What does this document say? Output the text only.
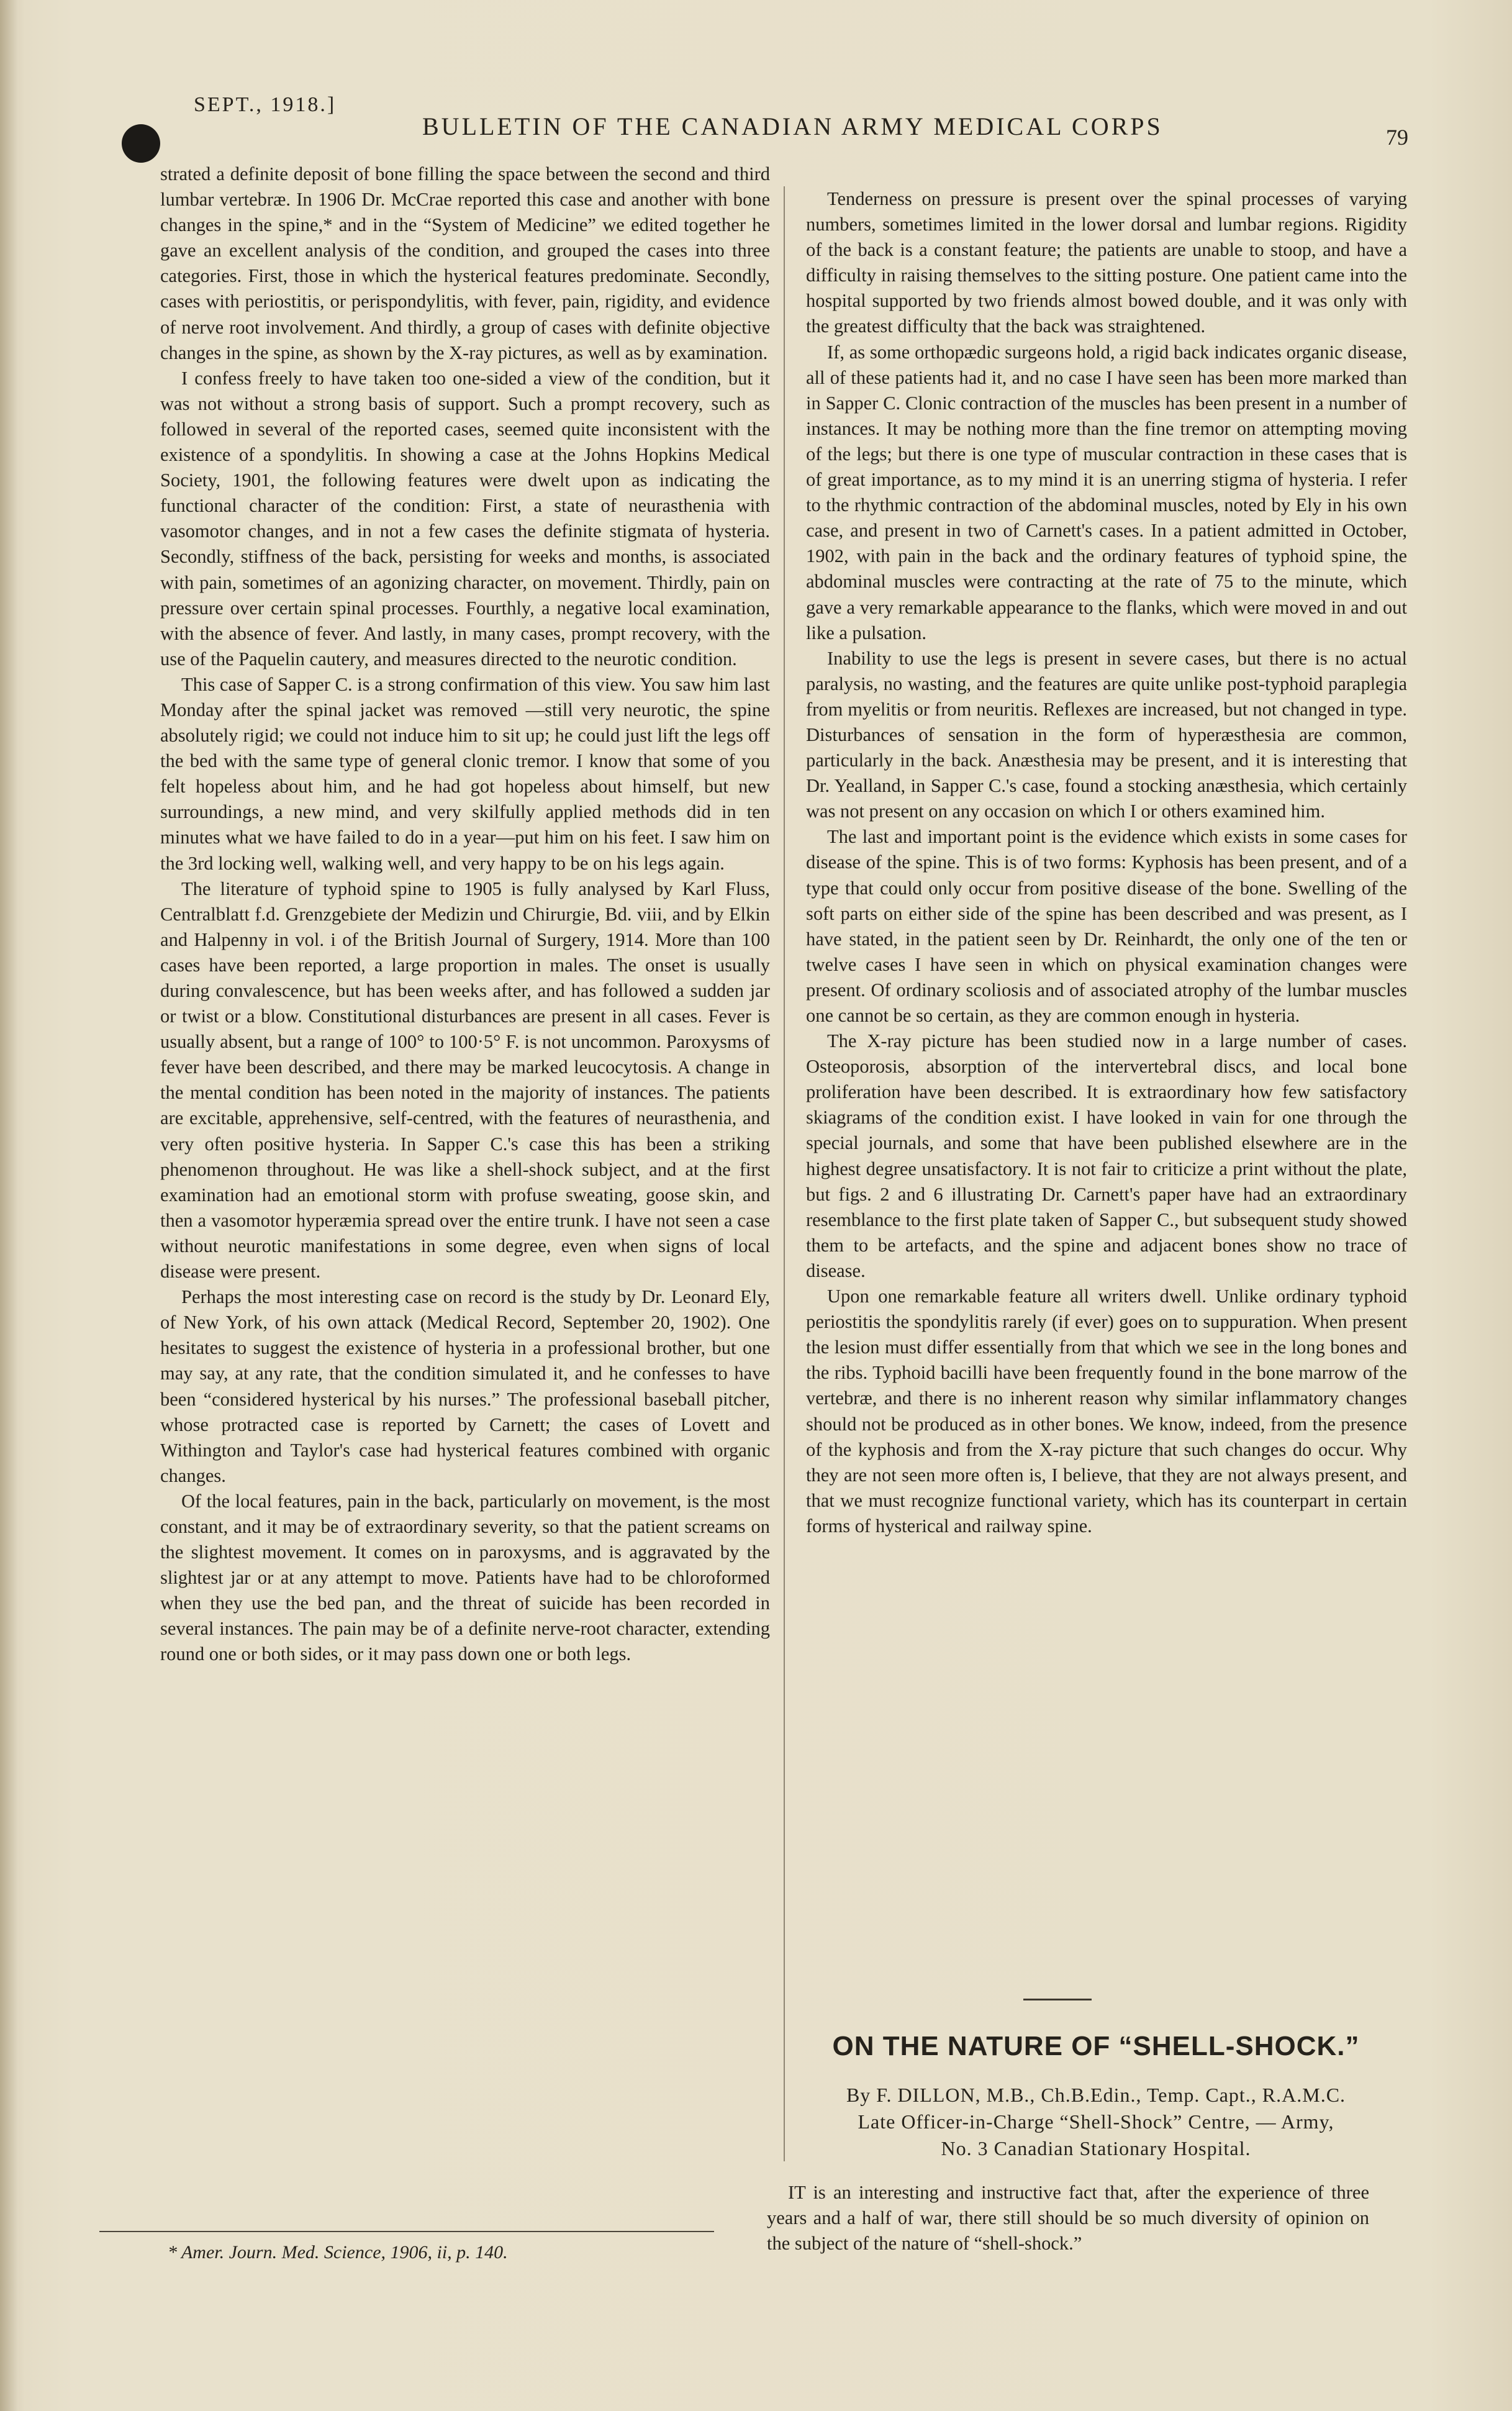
SEPT., 1918.]
BULLETIN OF THE CANADIAN ARMY MEDICAL CORPS	79

strated a definite deposit of bone filling the space between the second and third lumbar vertebræ. In 1906 Dr. McCrae reported this case and another with bone changes in the spine,* and in the “System of Medicine” we edited together he gave an excellent analysis of the condition, and grouped the cases into three categories. First, those in which the hysterical features predominate. Secondly, cases with periostitis, or perispondylitis, with fever, pain, rigidity, and evidence of nerve root involvement. And thirdly, a group of cases with definite objective changes in the spine, as shown by the X-ray pictures, as well as by examination.

I confess freely to have taken too one-sided a view of the condition, but it was not without a strong basis of support. Such a prompt recovery, such as followed in several of the reported cases, seemed quite inconsistent with the existence of a spondylitis. In showing a case at the Johns Hopkins Medical Society, 1901, the following features were dwelt upon as indicating the functional character of the condition: First, a state of neurasthenia with vasomotor changes, and in not a few cases the definite stigmata of hysteria. Secondly, stiffness of the back, persisting for weeks and months, is associated with pain, sometimes of an agonizing character, on movement. Thirdly, pain on pressure over certain spinal processes. Fourthly, a negative local examination, with the absence of fever. And lastly, in many cases, prompt recovery, with the use of the Paquelin cautery, and measures directed to the neurotic condition.

This case of Sapper C. is a strong confirmation of this view. You saw him last Monday after the spinal jacket was removed —still very neurotic, the spine absolutely rigid; we could not induce him to sit up; he could just lift the legs off the bed with the same type of general clonic tremor. I know that some of you felt hopeless about him, and he had got hopeless about himself, but new surroundings, a new mind, and very skilfully applied methods did in ten minutes what we have failed to do in a year—put him on his feet. I saw him on the 3rd locking well, walking well, and very happy to be on his legs again.

The literature of typhoid spine to 1905 is fully analysed by Karl Fluss, Centralblatt f.d. Grenzgebiete der Medizin und Chirurgie, Bd. viii, and by Elkin and Halpenny in vol. i of the British Journal of Surgery, 1914. More than 100 cases have been reported, a large proportion in males. The onset is usually during convalescence, but has been weeks after, and has followed a sudden jar or twist or a blow. Constitutional disturbances are present in all cases. Fever is usually absent, but a range of 100° to 100·5° F. is not uncommon. Paroxysms of fever have been described, and there may be marked leucocytosis. A change in the mental condition has been noted in the majority of instances. The patients are excitable, apprehensive, self-centred, with the features of neurasthenia, and very often positive hysteria. In Sapper C.'s case this has been a striking phenomenon throughout. He was like a shell-shock subject, and at the first examination had an emotional storm with profuse sweating, goose skin, and then a vasomotor hyperæmia spread over the entire trunk. I have not seen a case without neurotic manifestations in some degree, even when signs of local disease were present.

Perhaps the most interesting case on record is the study by Dr. Leonard Ely, of New York, of his own attack (Medical Record, September 20, 1902). One hesitates to suggest the existence of hysteria in a professional brother, but one may say, at any rate, that the condition simulated it, and he confesses to have been “considered hysterical by his nurses.” The professional baseball pitcher, whose protracted case is reported by Carnett; the cases of Lovett and Withington and Taylor's case had hysterical features combined with organic changes.

Of the local features, pain in the back, particularly on movement, is the most constant, and it may be of extraordinary severity, so that the patient screams on the slightest movement. It comes on in paroxysms, and is aggravated by the slightest jar or at any attempt to move. Patients have had to be chloroformed when they use the bed pan, and the threat of suicide has been recorded in several instances. The pain may be of a definite nerve-root character, extending round one or both sides, or it may pass down one or both legs.

Tenderness on pressure is present over the spinal processes of varying numbers, sometimes limited in the lower dorsal and lumbar regions. Rigidity of the back is a constant feature; the patients are unable to stoop, and have a difficulty in raising themselves to the sitting posture. One patient came into the hospital supported by two friends almost bowed double, and it was only with the greatest difficulty that the back was straightened.

If, as some orthopædic surgeons hold, a rigid back indicates organic disease, all of these patients had it, and no case I have seen has been more marked than in Sapper C. Clonic contraction of the muscles has been present in a number of instances. It may be nothing more than the fine tremor on attempting moving of the legs; but there is one type of muscular contraction in these cases that is of great importance, as to my mind it is an unerring stigma of hysteria. I refer to the rhythmic contraction of the abdominal muscles, noted by Ely in his own case, and present in two of Carnett's cases. In a patient admitted in October, 1902, with pain in the back and the ordinary features of typhoid spine, the abdominal muscles were contracting at the rate of 75 to the minute, which gave a very remarkable appearance to the flanks, which were moved in and out like a pulsation.

Inability to use the legs is present in severe cases, but there is no actual paralysis, no wasting, and the features are quite unlike post-typhoid paraplegia from myelitis or from neuritis. Reflexes are increased, but not changed in type. Disturbances of sensation in the form of hyperæsthesia are common, particularly in the back. Anæsthesia may be present, and it is interesting that Dr. Yealland, in Sapper C.'s case, found a stocking anæsthesia, which certainly was not present on any occasion on which I or others examined him.

The last and important point is the evidence which exists in some cases for disease of the spine. This is of two forms: Kyphosis has been present, and of a type that could only occur from positive disease of the bone. Swelling of the soft parts on either side of the spine has been described and was present, as I have stated, in the patient seen by Dr. Reinhardt, the only one of the ten or twelve cases I have seen in which on physical examination changes were present. Of ordinary scoliosis and of associated atrophy of the lumbar muscles one cannot be so certain, as they are common enough in hysteria.

The X-ray picture has been studied now in a large number of cases. Osteoporosis, absorption of the intervertebral discs, and local bone proliferation have been described. It is extraordinary how few satisfactory skiagrams of the condition exist. I have looked in vain for one through the special journals, and some that have been published elsewhere are in the highest degree unsatisfactory. It is not fair to criticize a print without the plate, but figs. 2 and 6 illustrating Dr. Carnett's paper have had an extraordinary resemblance to the first plate taken of Sapper C., but subsequent study showed them to be artefacts, and the spine and adjacent bones show no trace of disease.

Upon one remarkable feature all writers dwell. Unlike ordinary typhoid periostitis the spondylitis rarely (if ever) goes on to suppuration. When present the lesion must differ essentially from that which we see in the long bones and the ribs. Typhoid bacilli have been frequently found in the bone marrow of the vertebræ, and there is no inherent reason why similar inflammatory changes should not be produced as in other bones. We know, indeed, from the presence of the kyphosis and from the X-ray picture that such changes do occur. Why they are not seen more often is, I believe, that they are not always present, and that we must recognize functional variety, which has its counterpart in certain forms of hysterical and railway spine.

* Amer. Journ. Med. Science, 1906, ii, p. 140.
ON THE NATURE OF “SHELL-SHOCK.”
By F. DILLON, M.B., Ch.B.Edin., Temp. Capt., R.A.M.C.
Late Officer-in-Charge “Shell-Shock” Centre, — Army,
No. 3 Canadian Stationary Hospital.
IT is an interesting and instructive fact that, after the experience of three years and a half of war, there still should be so much diversity of opinion on the subject of the nature of “shell-shock.”
